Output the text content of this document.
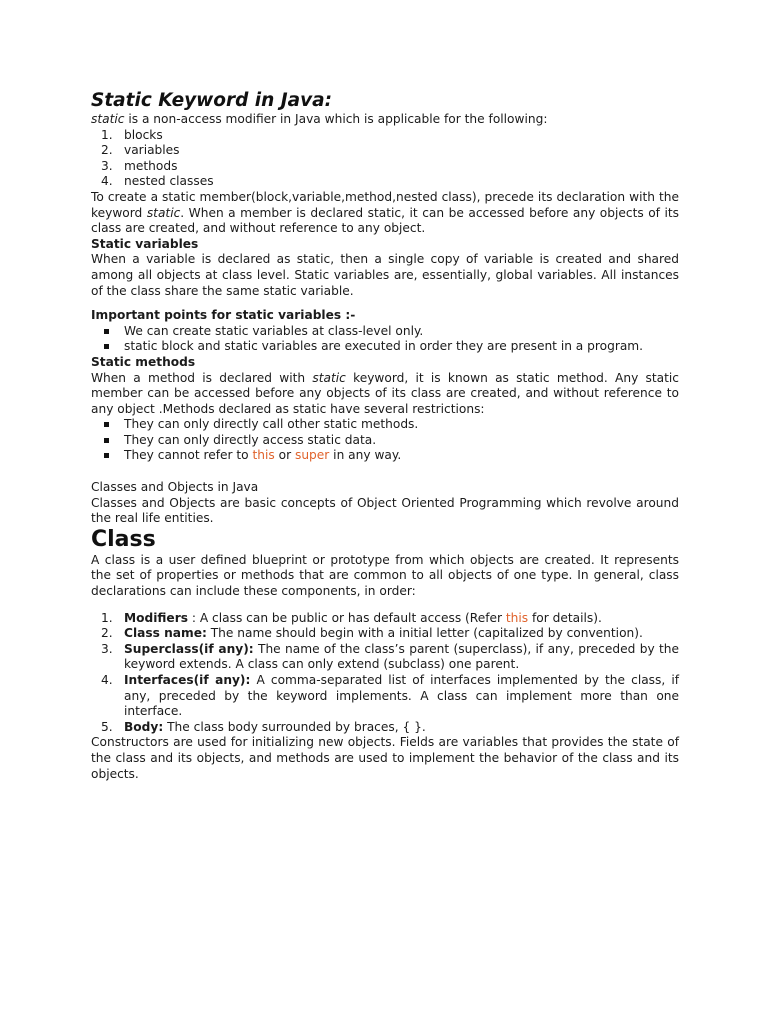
Static Keyword in Java:

static is a non-access modifier in Java which is applicable for the following:

1. blocks
2. variables
3. methods
4. nested classes

To create a static member(block,variable,method,nested class), precede its declaration with the keyword static. When a member is declared static, it can be accessed before any objects of its class are created, and without reference to any object.

Static variables

When a variable is declared as static, then a single copy of variable is created and shared among all objects at class level. Static variables are, essentially, global variables. All instances of the class share the same static variable.

Important points for static variables :-

We can create static variables at class-level only.
static block and static variables are executed in order they are present in a program.

Static methods

When a method is declared with static keyword, it is known as static method. Any static member can be accessed before any objects of its class are created, and without reference to any object .Methods declared as static have several restrictions:

They can only directly call other static methods.
They can only directly access static data.
They cannot refer to this or super in any way.

Classes and Objects in Java

Classes and Objects are basic concepts of Object Oriented Programming which revolve around the real life entities.

Class

A class is a user defined blueprint or prototype from which objects are created. It represents the set of properties or methods that are common to all objects of one type. In general, class declarations can include these components, in order:

1. Modifiers : A class can be public or has default access (Refer this for details).
2. Class name: The name should begin with a initial letter (capitalized by convention).
3. Superclass(if any): The name of the class’s parent (superclass), if any, preceded by the keyword extends. A class can only extend (subclass) one parent.
4. Interfaces(if any): A comma-separated list of interfaces implemented by the class, if any, preceded by the keyword implements. A class can implement more than one interface.
5. Body: The class body surrounded by braces, { }.

Constructors are used for initializing new objects. Fields are variables that provides the state of the class and its objects, and methods are used to implement the behavior of the class and its objects.
